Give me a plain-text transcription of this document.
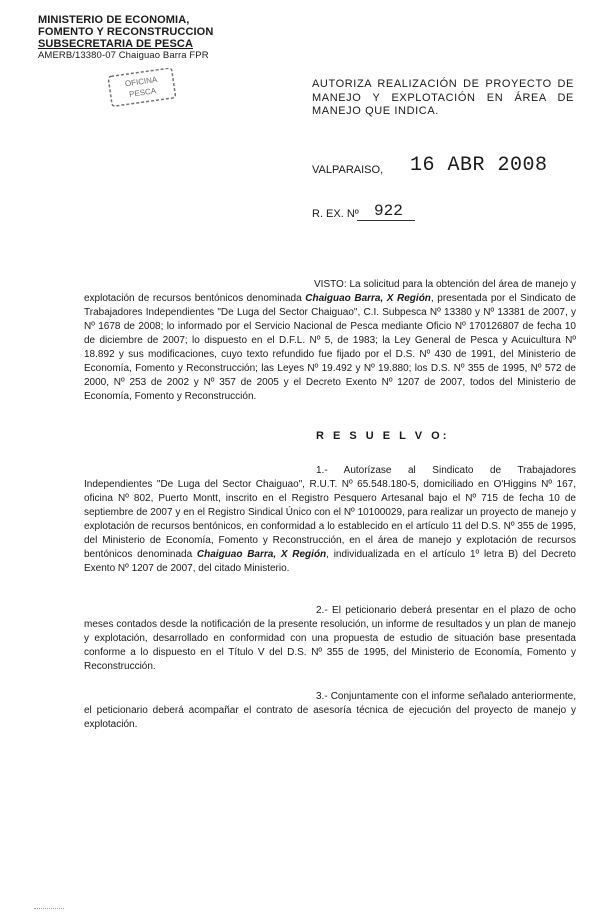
MINISTERIO DE ECONOMIA,
FOMENTO Y RECONSTRUCCION
SUBSECRETARIA DE PESCA
AMERB/13380-07 Chaiguao Barra FPR
OFICINA
PESCA
AUTORIZA REALIZACIÓN DE PROYECTO DE MANEJO Y EXPLOTACIÓN EN ÁREA DE MANEJO QUE INDICA.
VALPARAISO, 16 ABR 2008
R. EX. Nº 922
VISTO: La solicitud para la obtención del área de manejo y explotación de recursos bentónicos denominada Chaiguao Barra, X Región, presentada por el Sindicato de Trabajadores Independientes "De Luga del Sector Chaiguao", C.I. Subpesca Nº 13380 y Nº 13381 de 2007, y Nº 1678 de 2008; lo informado por el Servicio Nacional de Pesca mediante Oficio Nº 170126807 de fecha 10 de diciembre de 2007; lo dispuesto en el D.F.L. Nº 5, de 1983; la Ley General de Pesca y Acuicultura Nº 18.892 y sus modificaciones, cuyo texto refundido fue fijado por el D.S. Nº 430 de 1991, del Ministerio de Economía, Fomento y Reconstrucción; las Leyes Nº 19.492 y Nº 19.880; los D.S. Nº 355 de 1995, Nº 572 de 2000, Nº 253 de 2002 y Nº 357 de 2005 y el Decreto Exento Nº 1207 de 2007, todos del Ministerio de Economía, Fomento y Reconstrucción.
R E S U E L V O:
1.- Autorízase al Sindicato de Trabajadores Independientes "De Luga del Sector Chaiguao", R.U.T. Nº 65.548.180-5, domiciliado en O'Higgins Nº 167, oficina Nº 802, Puerto Montt, inscrito en el Registro Pesquero Artesanal bajo el Nº 715 de fecha 10 de septiembre de 2007 y en el Registro Sindical Único con el Nº 10100029, para realizar un proyecto de manejo y explotación de recursos bentónicos, en conformidad a lo establecido en el artículo 11 del D.S. Nº 355 de 1995, del Ministerio de Economía, Fomento y Reconstrucción, en el área de manejo y explotación de recursos bentónicos denominada Chaiguao Barra, X Región, individualizada en el artículo 1º letra B) del Decreto Exento Nº 1207 de 2007, del citado Ministerio.
2.- El peticionario deberá presentar en el plazo de ocho meses contados desde la notificación de la presente resolución, un informe de resultados y un plan de manejo y explotación, desarrollado en conformidad con una propuesta de estudio de situación base presentada conforme a lo dispuesto en el Título V del D.S. Nº 355 de 1995, del Ministerio de Economía, Fomento y Reconstrucción.
3.- Conjuntamente con el informe señalado anteriormente, el peticionario deberá acompañar el contrato de asesoría técnica de ejecución del proyecto de manejo y explotación.
